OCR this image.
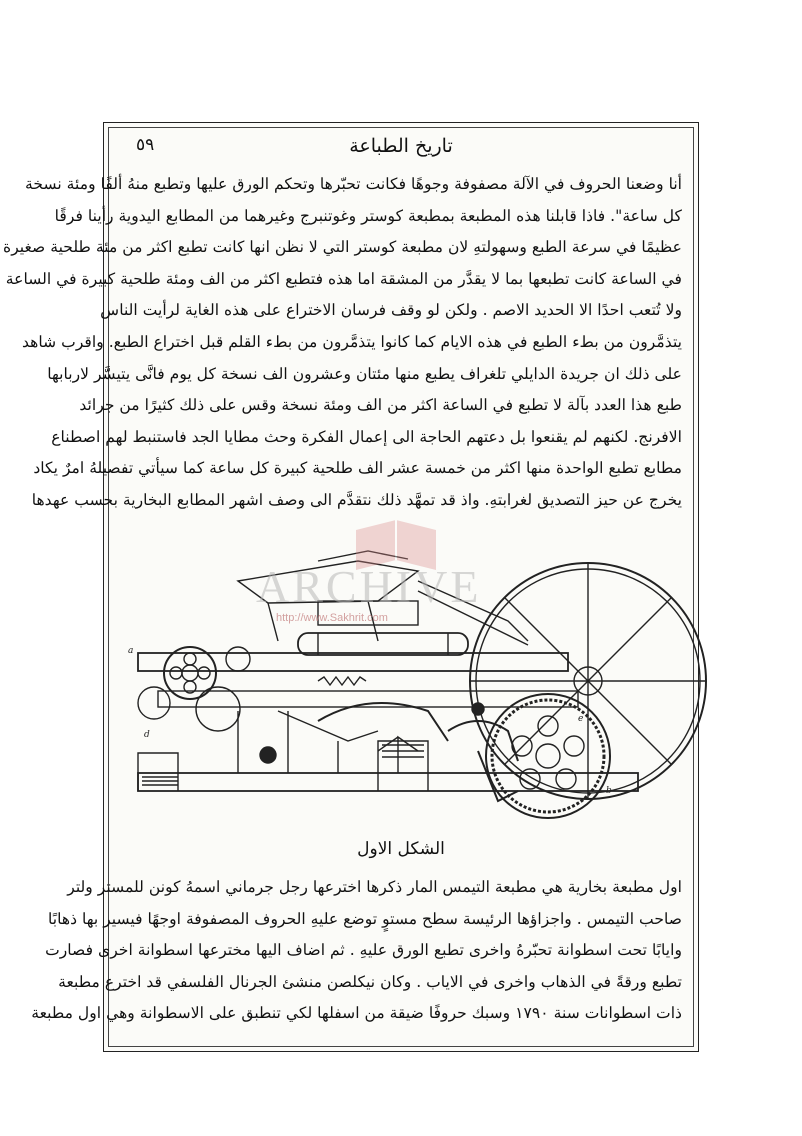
تاريخ الطباعة
٥٩
أنا وضعنا الحروف في الآلة مصفوفة وجوهًا فكانت تحبّرها وتحكم الورق عليها وتطبع منهُ ألفًا ومئة نسخة
كل ساعة". فاذا قابلنا هذه المطبعة بمطبعة كوستر وغوتنبرج وغيرهما من المطابع اليدوية رأينا فرقًا
عظيمًا في سرعة الطبع وسهولتهِ لان مطبعة كوستر التي لا نظن انها كانت تطبع اكثر من مئة طلحية صغيرة
في الساعة كانت تطبعها بما لا يقدَّر من المشقة اما هذه فتطبع اكثر من الف ومئة طلحية كبيرة في الساعة
ولا تُتعب احدًا الا الحديد الاصم . ولكن لو وقف فرسان الاختراع على هذه الغاية لرأيت الناس
يتذمَّرون من بطء الطبع في هذه الايام كما كانوا يتذمَّرون من بطء القلم قبل اختراع الطبع. واقرب شاهد
على ذلك ان جريدة الدايلي تلغراف يطبع منها مئتان وعشرون الف نسخة كل يوم فانَّى يتيسَّر لاربابها
طبع هذا العدد بآلة لا تطبع في الساعة اكثر من الف ومئة نسخة وقس على ذلك كثيرًا من جرائد
الافرنج. لكنهم لم يقنعوا بل دعتهم الحاجة الى إعمال الفكرة وحث مطايا الجد فاستنبط لهم اصطناع
مطابع تطبع الواحدة منها اكثر من خمسة عشر الف طلحية كبيرة كل ساعة كما سيأتي تفصيلهُ امرٌ يكاد
يخرج عن حيز التصديق لغرابتهِ. واذ قد تمهَّد ذلك نتقدَّم الى وصف اشهر المطابع البخارية بحسب عهدها
a
d
e
b
الشكل الاول
اول مطبعة بخارية هي مطبعة التيمس المار ذكرها اخترعها رجل جرماني اسمهُ كونن للمستر ولتر
صاحب التيمس . واجزاؤها الرئيسة سطح مستوٍ توضع عليهِ الحروف المصفوفة اوجهًا فيسير بها ذهابًا
وايابًا تحت اسطوانة تحبّرهُ واخرى تطبع الورق عليهِ . ثم اضاف اليها مخترعها اسطوانة اخرى فصارت
تطبع ورقةً في الذهاب واخرى في الاياب . وكان نيكلصن منشئ الجرنال الفلسفي قد اخترع مطبعة
ذات اسطوانات سنة ١٧٩٠ وسبك حروفًا ضيقة من اسفلها لكي تنطبق على الاسطوانة وهي اول مطبعة
ARCHIVE
http://www.Sakhrit.com
